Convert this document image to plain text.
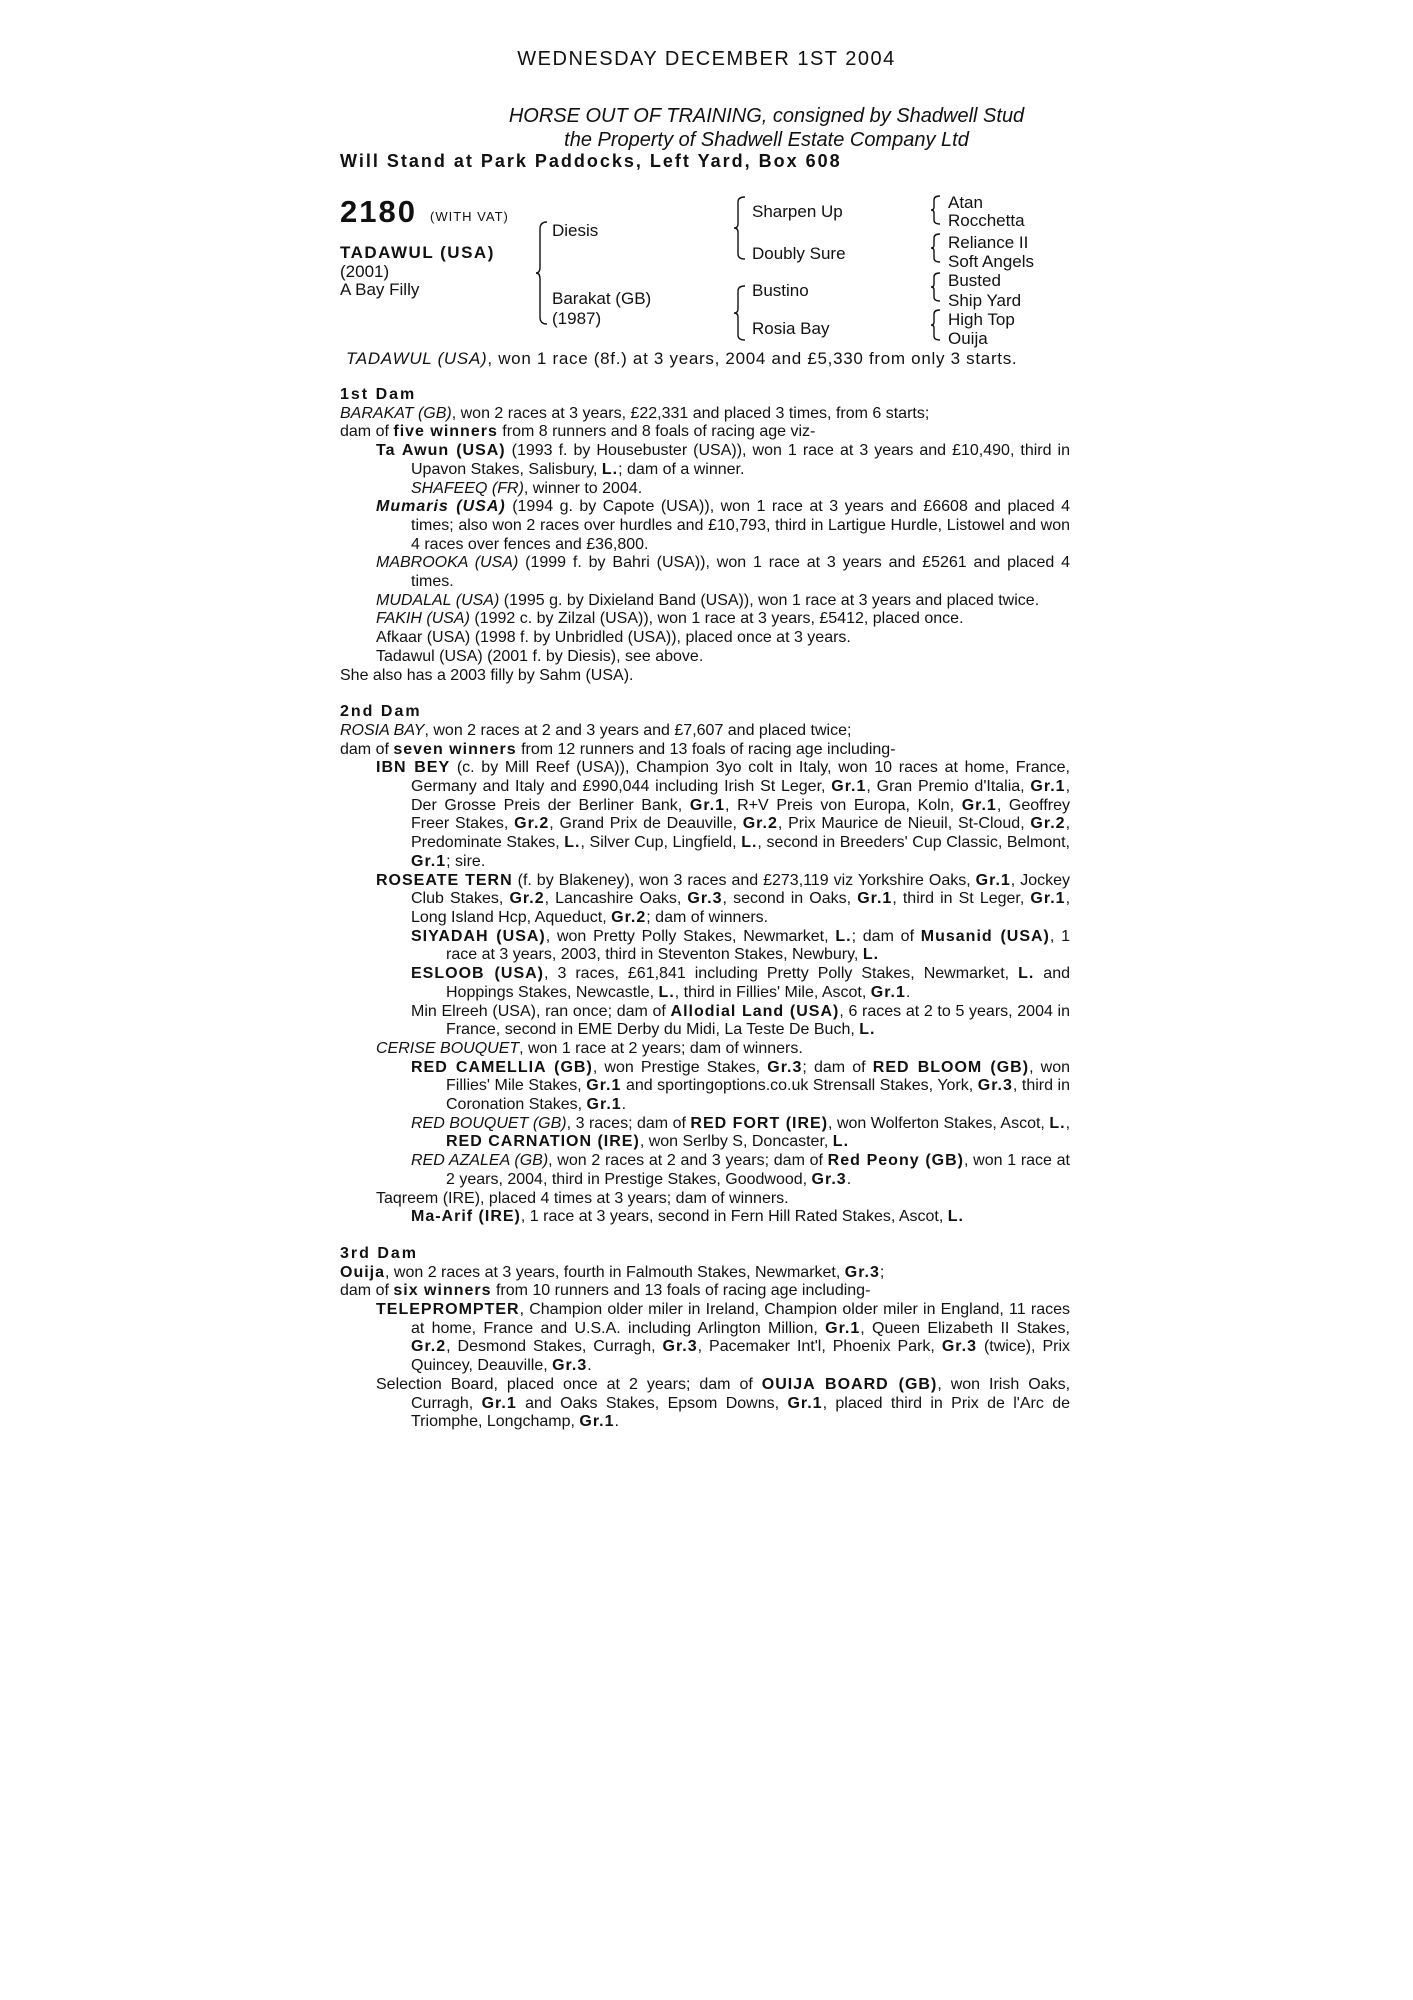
WEDNESDAY DECEMBER 1ST 2004
HORSE OUT OF TRAINING, consigned by Shadwell Stud
the Property of Shadwell Estate Company Ltd
Will Stand at Park Paddocks, Left Yard, Box 608
2180 (WITH VAT)
TADAWUL (USA)
(2001)
A Bay Filly
Diesis
Barakat (GB)
(1987)
Sharpen Up
Doubly Sure
Bustino
Rosia Bay
Atan
Rocchetta
Reliance II
Soft Angels
Busted
Ship Yard
High Top
Ouija
TADAWUL (USA), won 1 race (8f.) at 3 years, 2004 and £5,330 from only 3 starts.

1st Dam

BARAKAT (GB), won 2 races at 3 years, £22,331 and placed 3 times, from 6 starts;

dam of five winners from 8 runners and 8 foals of racing age viz-

Ta Awun (USA) (1993 f. by Housebuster (USA)), won 1 race at 3 years and £10,490, third in Upavon Stakes, Salisbury, L.; dam of a winner.

SHAFEEQ (FR), winner to 2004.

Mumaris (USA) (1994 g. by Capote (USA)), won 1 race at 3 years and £6608 and placed 4 times; also won 2 races over hurdles and £10,793, third in Lartigue Hurdle, Listowel and won 4 races over fences and £36,800.

MABROOKA (USA) (1999 f. by Bahri (USA)), won 1 race at 3 years and £5261 and placed 4 times.

MUDALAL (USA) (1995 g. by Dixieland Band (USA)), won 1 race at 3 years and placed twice.

FAKIH (USA) (1992 c. by Zilzal (USA)), won 1 race at 3 years, £5412, placed once.

Afkaar (USA) (1998 f. by Unbridled (USA)), placed once at 3 years.

Tadawul (USA) (2001 f. by Diesis), see above.

She also has a 2003 filly by Sahm (USA).

2nd Dam

ROSIA BAY, won 2 races at 2 and 3 years and £7,607 and placed twice;

dam of seven winners from 12 runners and 13 foals of racing age including-

IBN BEY (c. by Mill Reef (USA)), Champion 3yo colt in Italy, won 10 races at home, France, Germany and Italy and £990,044 including Irish St Leger, Gr.1, Gran Premio d'Italia, Gr.1, Der Grosse Preis der Berliner Bank, Gr.1, R+V Preis von Europa, Koln, Gr.1, Geoffrey Freer Stakes, Gr.2, Grand Prix de Deauville, Gr.2, Prix Maurice de Nieuil, St-Cloud, Gr.2, Predominate Stakes, L., Silver Cup, Lingfield, L., second in Breeders' Cup Classic, Belmont, Gr.1; sire.

ROSEATE TERN (f. by Blakeney), won 3 races and £273,119 viz Yorkshire Oaks, Gr.1, Jockey Club Stakes, Gr.2, Lancashire Oaks, Gr.3, second in Oaks, Gr.1, third in St Leger, Gr.1, Long Island Hcp, Aqueduct, Gr.2; dam of winners.

SIYADAH (USA), won Pretty Polly Stakes, Newmarket, L.; dam of Musanid (USA), 1 race at 3 years, 2003, third in Steventon Stakes, Newbury, L.

ESLOOB (USA), 3 races, £61,841 including Pretty Polly Stakes, Newmarket, L. and Hoppings Stakes, Newcastle, L., third in Fillies' Mile, Ascot, Gr.1.

Min Elreeh (USA), ran once; dam of Allodial Land (USA), 6 races at 2 to 5 years, 2004 in France, second in EME Derby du Midi, La Teste De Buch, L.

CERISE BOUQUET, won 1 race at 2 years; dam of winners.

RED CAMELLIA (GB), won Prestige Stakes, Gr.3; dam of RED BLOOM (GB), won Fillies' Mile Stakes, Gr.1 and sportingoptions.co.uk Strensall Stakes, York, Gr.3, third in Coronation Stakes, Gr.1.

RED BOUQUET (GB), 3 races; dam of RED FORT (IRE), won Wolferton Stakes, Ascot, L., RED CARNATION (IRE), won Serlby S, Doncaster, L.

RED AZALEA (GB), won 2 races at 2 and 3 years; dam of Red Peony (GB), won 1 race at 2 years, 2004, third in Prestige Stakes, Goodwood, Gr.3.

Taqreem (IRE), placed 4 times at 3 years; dam of winners.

Ma-Arif (IRE), 1 race at 3 years, second in Fern Hill Rated Stakes, Ascot, L.

3rd Dam

Ouija, won 2 races at 3 years, fourth in Falmouth Stakes, Newmarket, Gr.3;

dam of six winners from 10 runners and 13 foals of racing age including-

TELEPROMPTER, Champion older miler in Ireland, Champion older miler in England, 11 races at home, France and U.S.A. including Arlington Million, Gr.1, Queen Elizabeth II Stakes, Gr.2, Desmond Stakes, Curragh, Gr.3, Pacemaker Int'l, Phoenix Park, Gr.3 (twice), Prix Quincey, Deauville, Gr.3.

Selection Board, placed once at 2 years; dam of OUIJA BOARD (GB), won Irish Oaks, Curragh, Gr.1 and Oaks Stakes, Epsom Downs, Gr.1, placed third in Prix de l'Arc de Triomphe, Longchamp, Gr.1.
